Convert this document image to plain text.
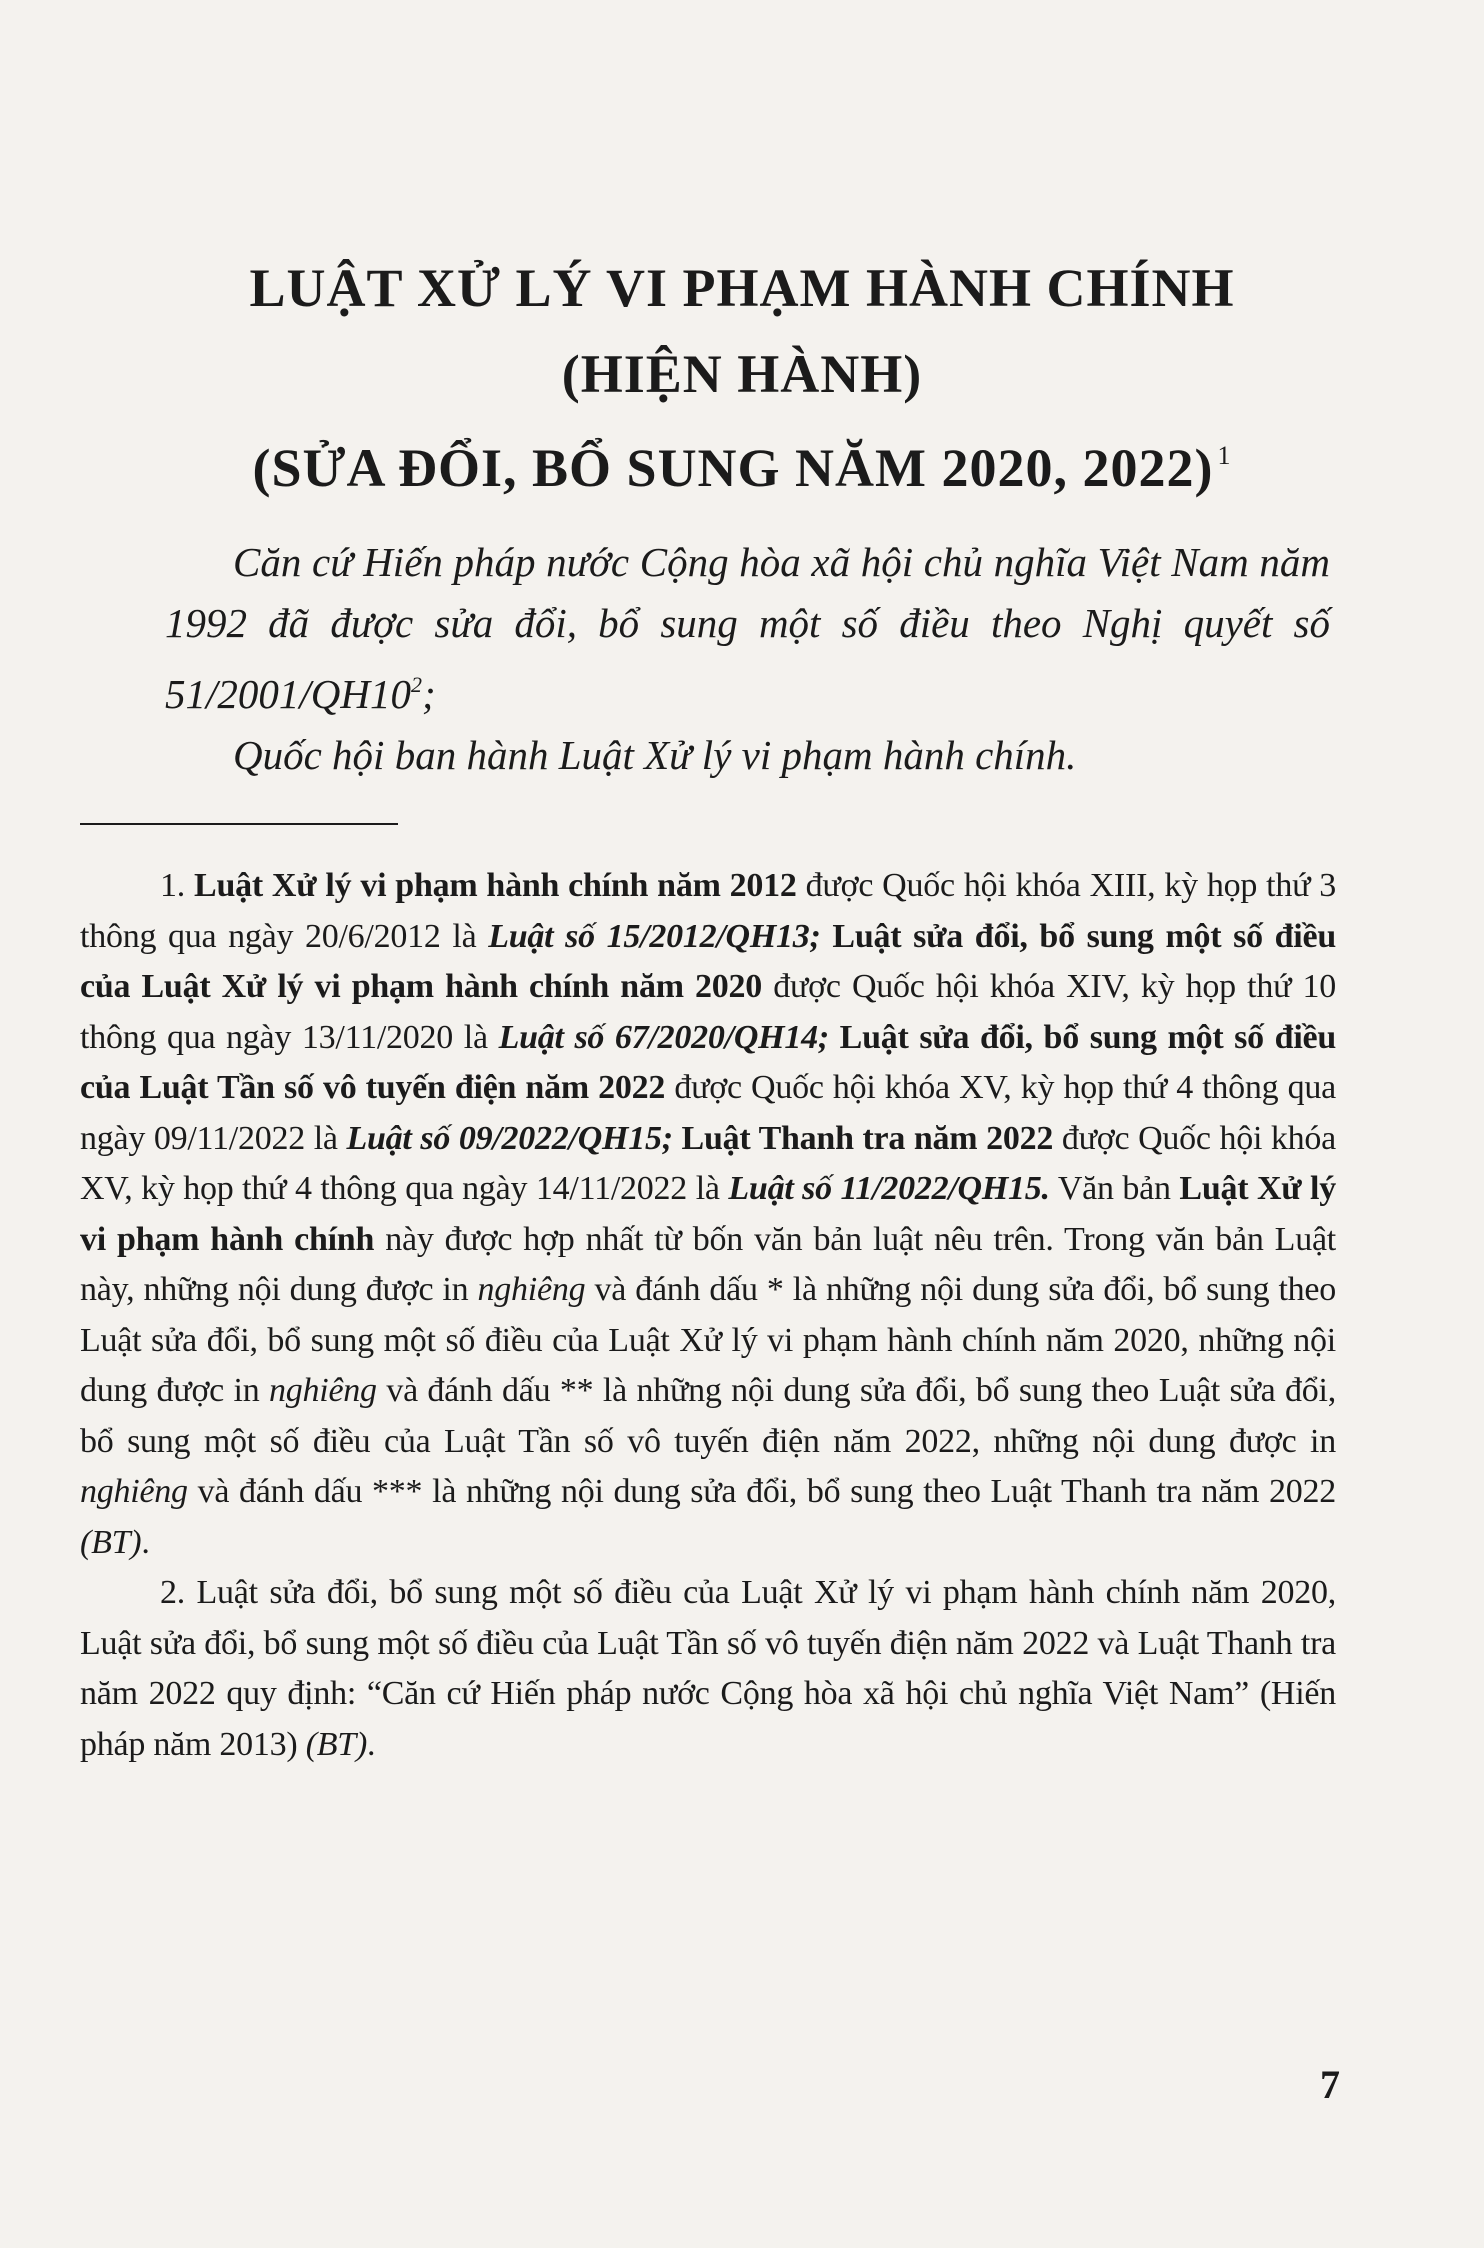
LUẬT XỬ LÝ VI PHẠM HÀNH CHÍNH
(HIỆN HÀNH)
(SỬA ĐỔI, BỔ SUNG NĂM 2020, 2022) $^1$

Căn cứ Hiến pháp nước Cộng hòa xã hội chủ nghĩa Việt Nam năm 1992 đã được sửa đổi, bổ sung một số điều theo Nghị quyết số $51/2001/QH10^2$;

Quốc hội ban hành Luật Xử lý vi phạm hành chính.

1. Luật Xử lý vi phạm hành chính năm 2012 được Quốc hội khóa XIII, kỳ họp thứ 3 thông qua ngày 20/6/2012 là Luật số 15/2012/QH13; Luật sửa đổi, bổ sung một số điều của Luật Xử lý vi phạm hành chính năm 2020 được Quốc hội khóa XIV, kỳ họp thứ 10 thông qua ngày 13/11/2020 là Luật số 67/2020/QH14; Luật sửa đổi, bổ sung một số điều của Luật Tần số vô tuyến điện năm 2022 được Quốc hội khóa XV, kỳ họp thứ 4 thông qua ngày 09/11/2022 là Luật số 09/2022/QH15; Luật Thanh tra năm 2022 được Quốc hội khóa XV, kỳ họp thứ 4 thông qua ngày 14/11/2022 là Luật số 11/2022/QH15. Văn bản Luật Xử lý vi phạm hành chính này được hợp nhất từ bốn văn bản luật nêu trên. Trong văn bản Luật này, những nội dung được in nghiêng và đánh dấu * là những nội dung sửa đổi, bổ sung theo Luật sửa đổi, bổ sung một số điều của Luật Xử lý vi phạm hành chính năm 2020, những nội dung được in nghiêng và đánh dấu ** là những nội dung sửa đổi, bổ sung theo Luật sửa đổi, bổ sung một số điều của Luật Tần số vô tuyến điện năm 2022, những nội dung được in nghiêng và đánh dấu *** là những nội dung sửa đổi, bổ sung theo Luật Thanh tra năm 2022 (BT).

2. Luật sửa đổi, bổ sung một số điều của Luật Xử lý vi phạm hành chính năm 2020, Luật sửa đổi, bổ sung một số điều của Luật Tần số vô tuyến điện năm 2022 và Luật Thanh tra năm 2022 quy định: “Căn cứ Hiến pháp nước Cộng hòa xã hội chủ nghĩa Việt Nam” (Hiến pháp năm 2013) (BT).

7
